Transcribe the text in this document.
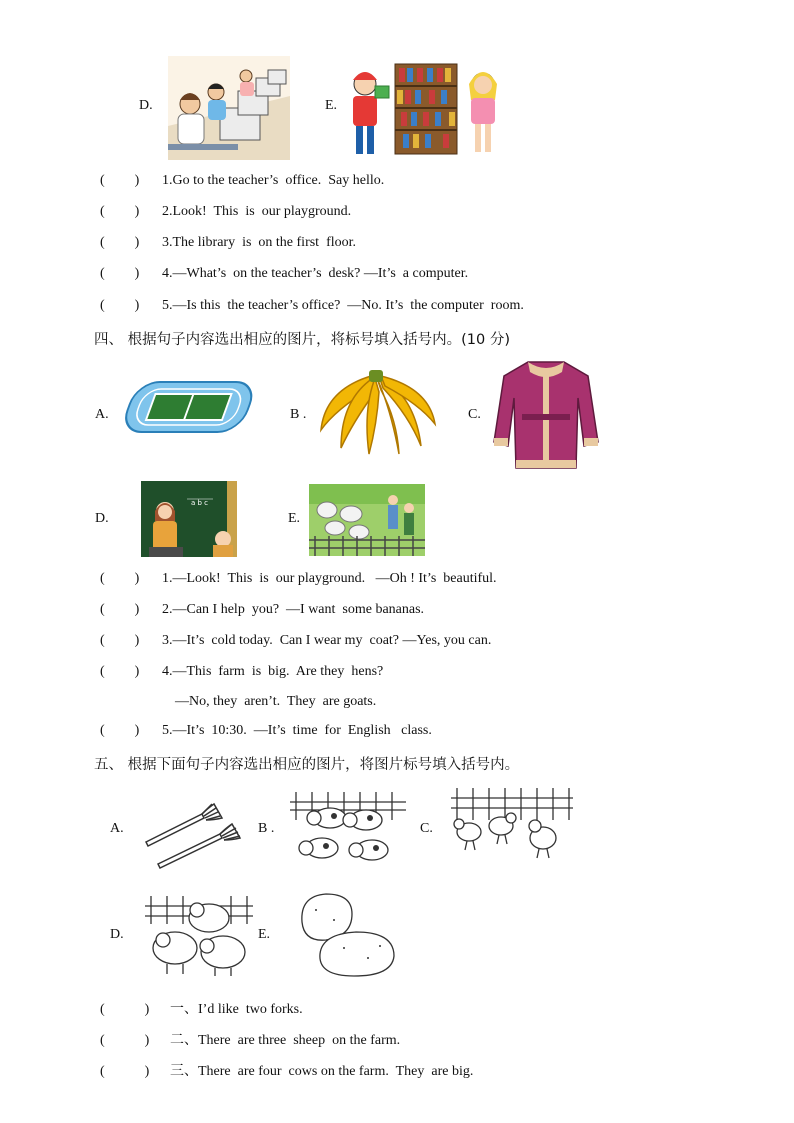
D.	E.
( ) 1.Go to the teacher’s  office.  Say hello.
( ) 2.Look!  This  is  our playground.
( ) 3.The library  is  on the first  floor.
( ) 4.—What’s  on the teacher’s  desk? —It’s  a computer.
( ) 5.—Is this  the teacher’s office?  —No. It’s  the computer  room.
四、 根据句子内容选出相应的图片，将标号填入括号内。(10 分)
A.	B .	C.
D.
a b c
E.
( ) 1.—Look!  This  is  our playground.   —Oh ! It’s  beautiful.
( ) 2.—Can I help  you?  —I want  some bananas.
( ) 3.—It’s  cold today.  Can I wear my  coat? —Yes, you can.
( ) 4.—This  farm  is  big.  Are they  hens?
—No, they  aren’t.  They  are goats.
( ) 5.—It’s  10:30.  —It’s  time  for  English   class.
五、 根据下面句子内容选出相应的图片，将图片标号填入括号内。
A.	B .	C.
D.	E.
(	) 一、I’d like  two forks.
(	) 二、There  are three  sheep  on the farm.
(	) 三、There  are four  cows on the farm.  They  are big.
